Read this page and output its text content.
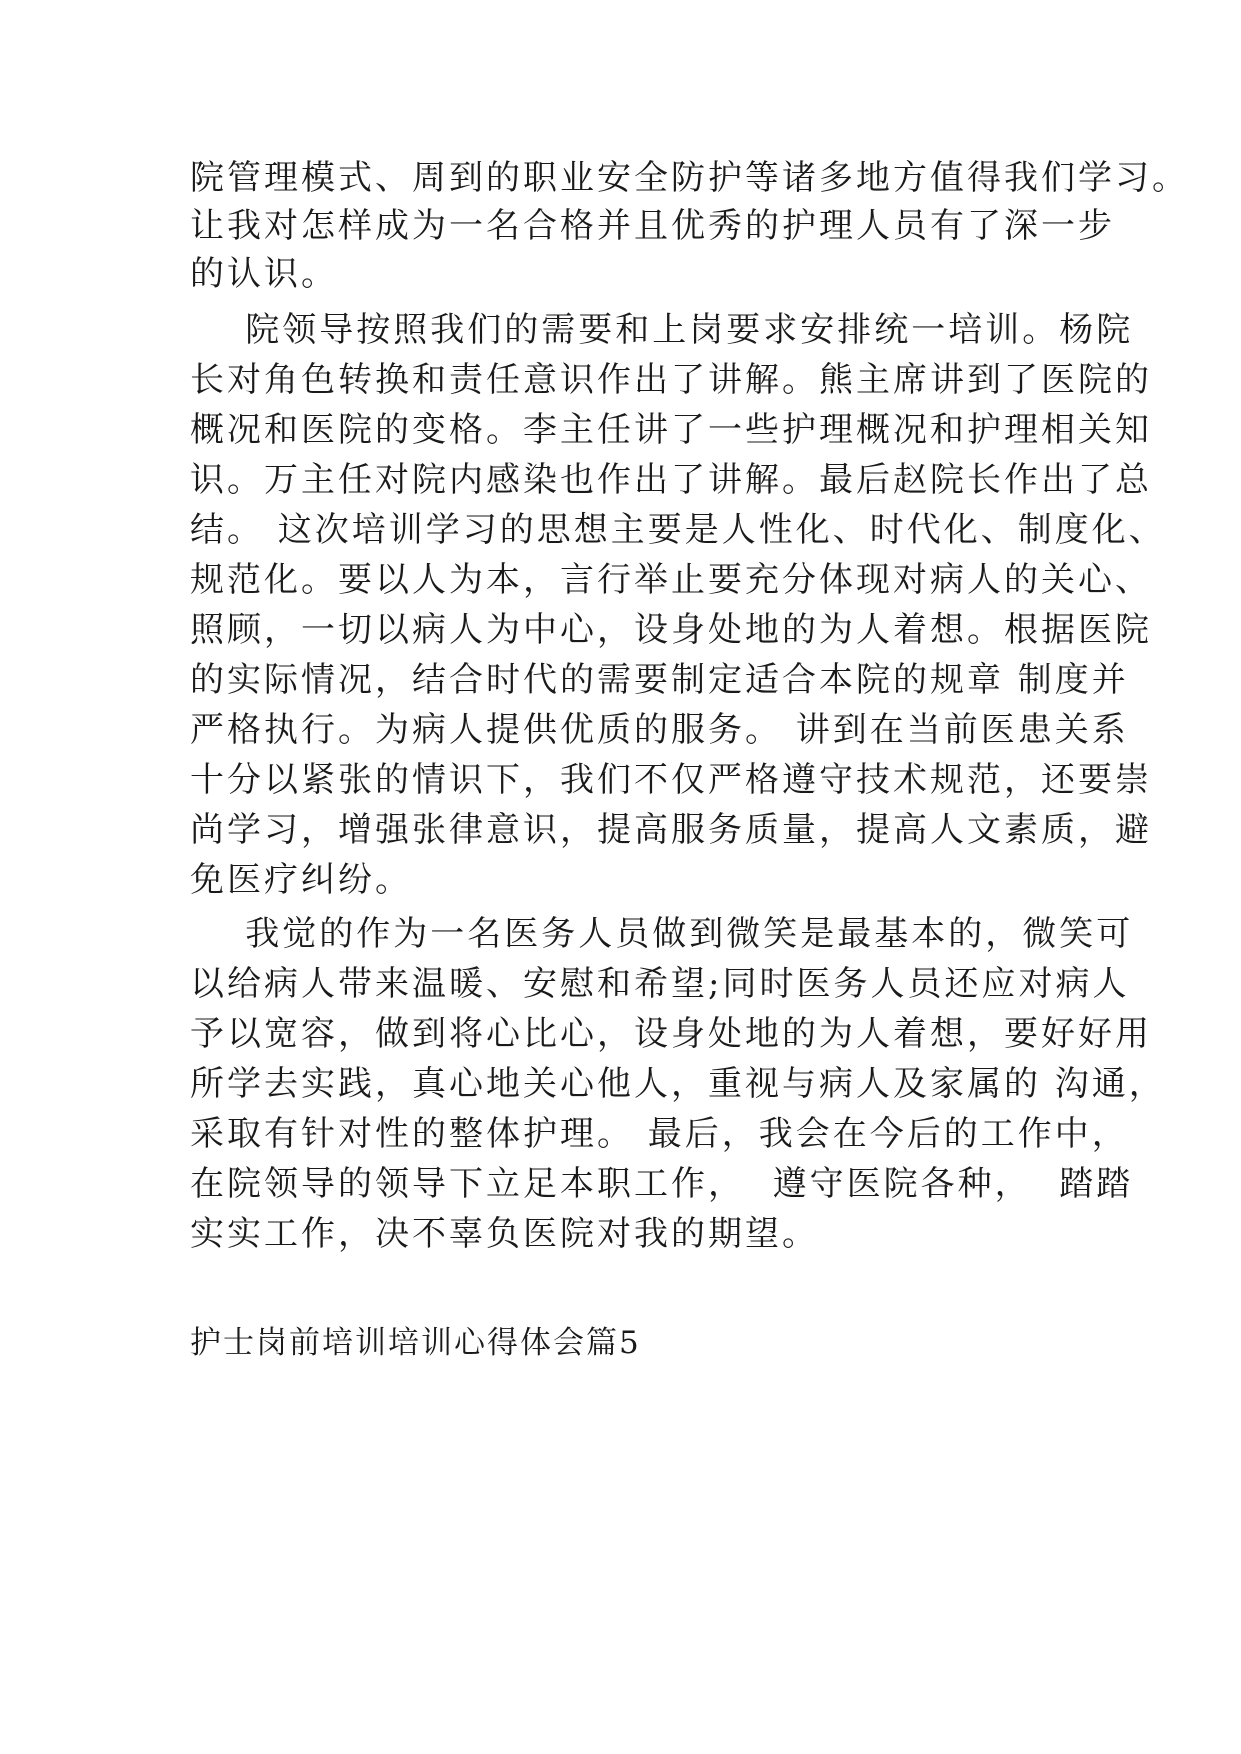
院管理模式、周到的职业安全防护等诸多地方值得我们学习。
让我对怎样成为一名合格并且优秀的护理人员有了深一步
的认识。
院领导按照我们的需要和上岗要求安排统一培训。杨院
长对角色转换和责任意识作出了讲解。熊主席讲到了医院的
概况和医院的变格。李主任讲了一些护理概况和护理相关知
识。万主任对院内感染也作出了讲解。最后赵院长作出了总
结。 这次培训学习的思想主要是人性化、时代化、制度化、
规范化。要以人为本，言行举止要充分体现对病人的关心、
照顾，一切以病人为中心，设身处地的为人着想。根据医院
的实际情况，结合时代的需要制定适合本院的规章 制度并
严格执行。为病人提供优质的服务。 讲到在当前医患关系
十分以紧张的情识下，我们不仅严格遵守技术规范，还要崇
尚学习，增强张律意识，提高服务质量，提高人文素质，避
免医疗纠纷。
我觉的作为一名医务人员做到微笑是最基本的，微笑可
以给病人带来温暖、安慰和希望;同时医务人员还应对病人
予以宽容，做到将心比心，设身处地的为人着想，要好好用
所学去实践，真心地关心他人，重视与病人及家属的 沟通，
采取有针对性的整体护理。 最后，我会在今后的工作中，
在院领导的领导下立足本职工作，  遵守医院各种，  踏踏
实实工作，决不辜负医院对我的期望。
护士岗前培训培训心得体会篇5
